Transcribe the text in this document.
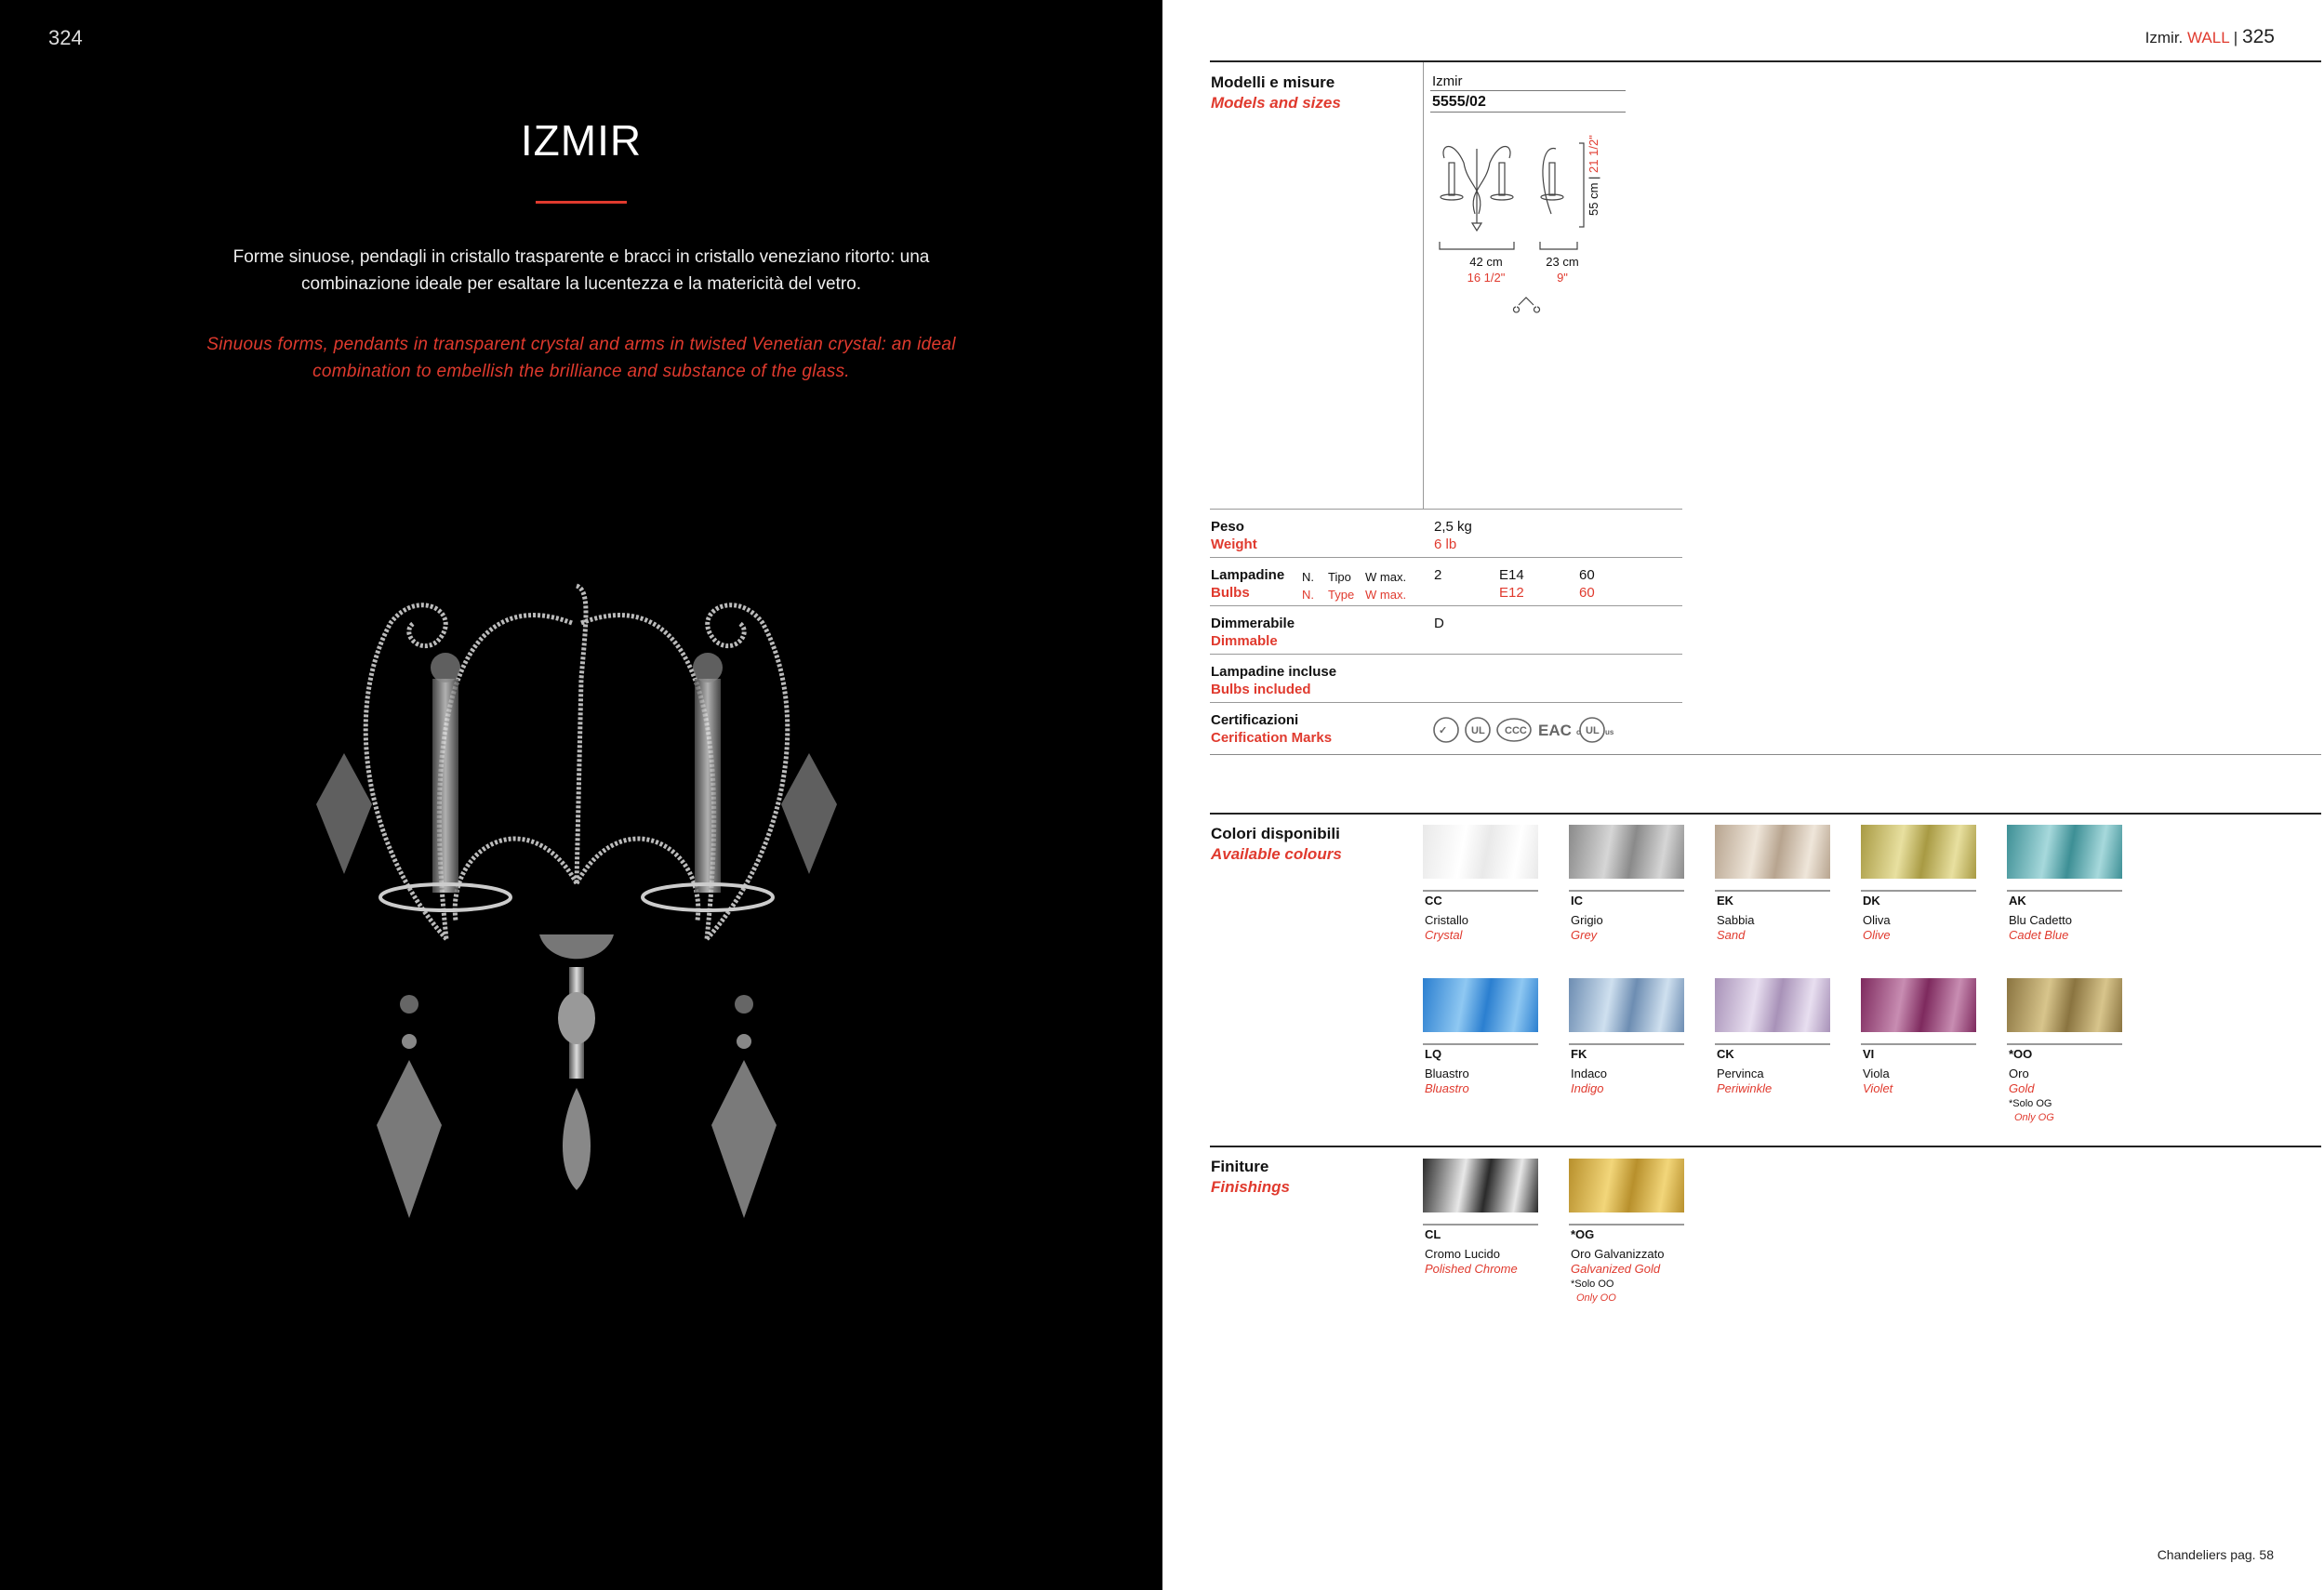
324
IZMIR
Forme sinuose, pendagli in cristallo trasparente e bracci in cristallo veneziano ritorto: una combinazione ideale per esaltare la lucentezza e la matericità del vetro.
Sinuous forms, pendants in transparent crystal and arms in twisted Venetian crystal: an ideal combination to embellish the brilliance and substance of the glass.
Izmir. WALL | 325
Modelli e misure
Models and sizes
Izmir
5555/02
42 cm
16 1/2"
23 cm
9"
55 cm | 21 1/2"
Peso
Weight
2,5 kg
6 lb
Lampadine
Bulbs
N.
N.
Tipo
Type
W max.
W max.
2	E14
E12
60
60
Dimmerabile
Dimmable
D
Lampadine incluse
Bulbs included
Certificazioni
Cerification Marks	✓ UL CCC EAC c UL us
Colori disponibili
Available colours
CC
Cristallo
Crystal
IC
Grigio
Grey
EK
Sabbia
Sand
DK
Oliva
Olive
AK
Blu Cadetto
Cadet Blue
LQ
Bluastro
Bluastro
FK
Indaco
Indigo
CK
Pervinca
Periwinkle
VI
Viola
Violet
*OO
Oro
Gold
*Solo OG
Only OG
Finiture
Finishings
CL
Cromo Lucido
Polished Chrome
*OG
Oro Galvanizzato
Galvanized Gold
*Solo OO
Only OO
Chandeliers pag. 58
